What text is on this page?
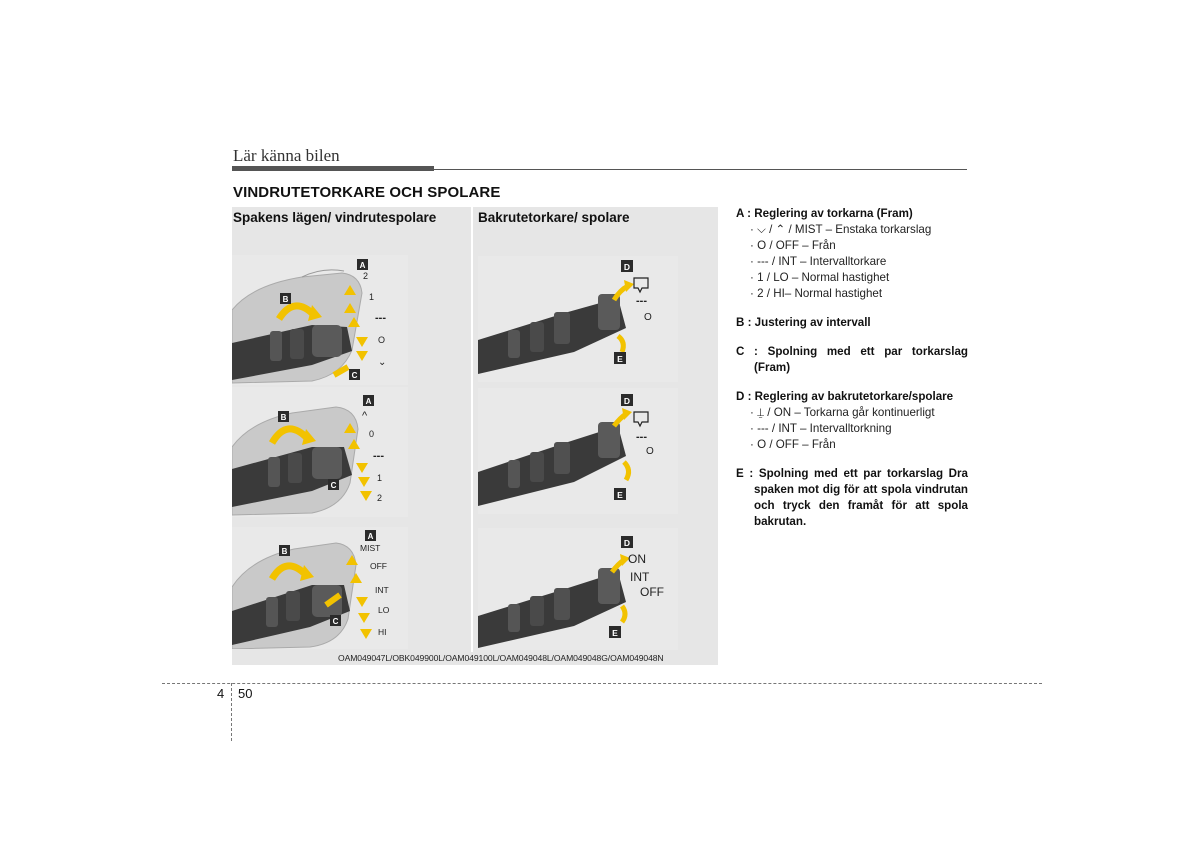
Lär känna bilen
VINDRUTETORKARE OCH SPOLARE
Spakens lägen/ vindrutespolare	Bakrutetorkare/ spolare
A
B
C
2
1
---
O
⌄
A
B
C
^
0
---
1
2
A
B
C
MIST
OFF
INT
LO
HI
D
E
---
O
D
E
---
O
D
E
ON
INT
OFF
OAM049047L/OBK049900L/OAM049100L/OAM049048L/OAM049048G/OAM049048N
A : Reglering av torkarna (Fram)
· ⌵ / ⌃ / MIST – Enstaka torkarslag
· O / OFF – Från
· --- / INT – Intervalltorkare
· 1 / LO – Normal hastighet
· 2 / HI– Normal hastighet
B : Justering av intervall
C : Spolning med ett par torkarslag (Fram)
D : Reglering av bakrutetorkare/spolare
· ⍊ / ON – Torkarna går kontinuerligt
· --- / INT – Intervalltorkning
· O / OFF – Från
E : Spolning med ett par torkarslag Dra spaken mot dig för att spola vindrutan och tryck den framåt för att spola bakrutan.
4 50
